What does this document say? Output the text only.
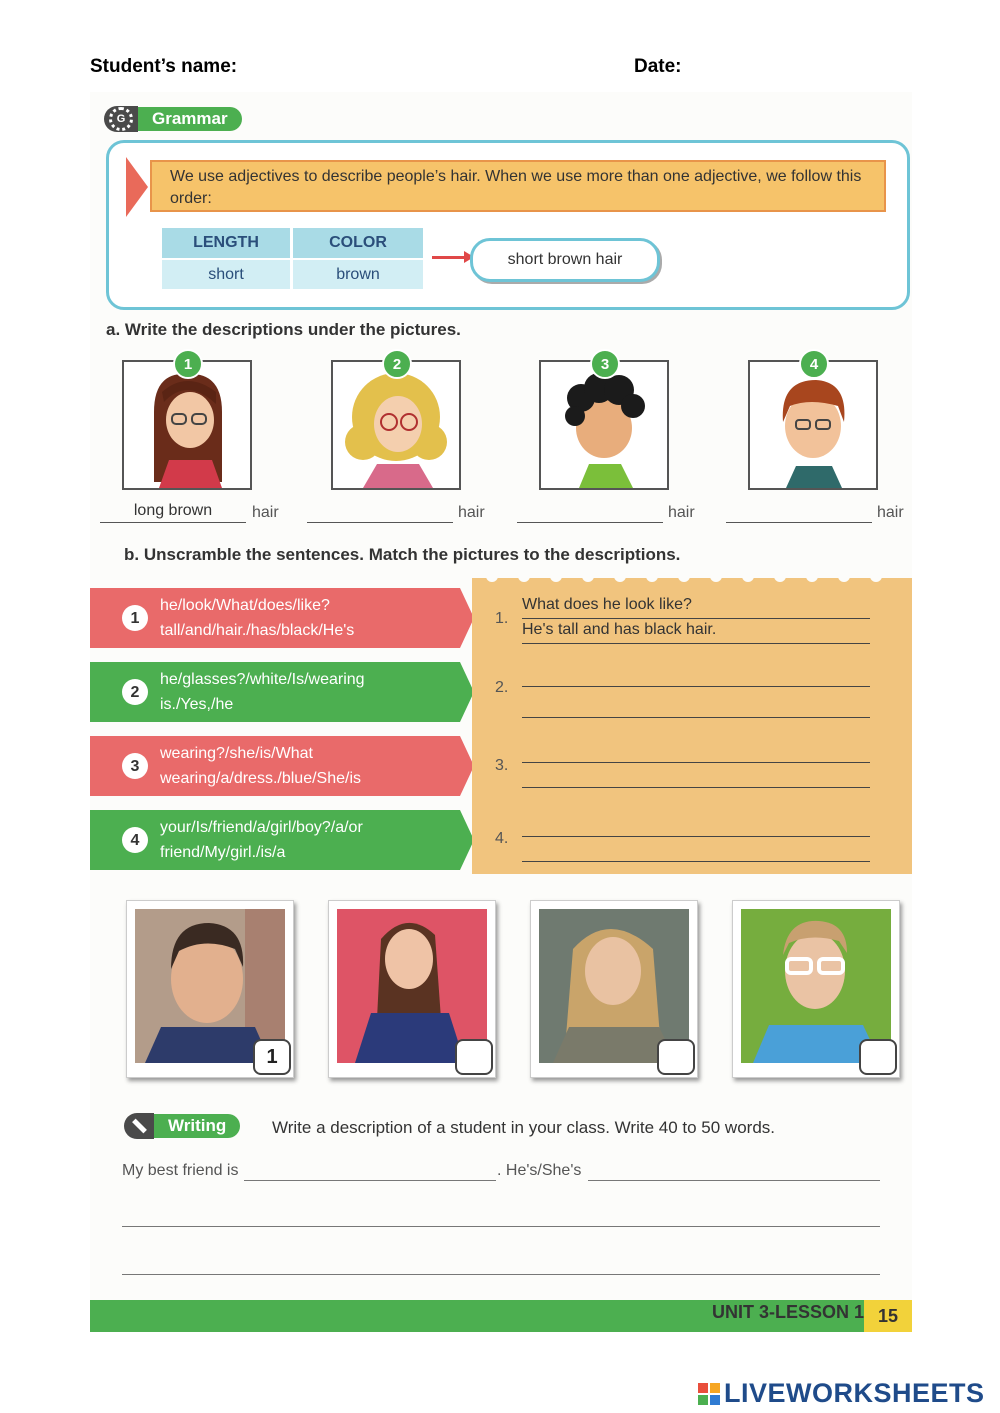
Student’s name:	Date:
G	Grammar
We use adjectives to describe people’s hair. When we use more than one adjective, we follow this order:
LENGTH	COLOR
short	brown
short brown hair
a. Write the descriptions under the pictures.
1	2	3	4
long brown	hair	hair	hair	hair
b. Unscramble the sentences. Match the pictures to the descriptions.
1
he/look/What/does/like?
tall/and/hair./has/black/He's
2
he/glasses?/white/Is/wearing
is./Yes,/he
3
wearing?/she/is/What
wearing/a/dress./blue/She/is
4
your/Is/friend/a/girl/boy?/a/or
friend/My/girl./is/a
1.
What does he look like?
He's tall and has black hair.
2.
3.
4.
1
Writing	Write a description of a student in your class. Write 40 to 50 words.
My best friend is	. He's/She's
UNIT 3-LESSON 1 15
LIVEWORKSHEETS
